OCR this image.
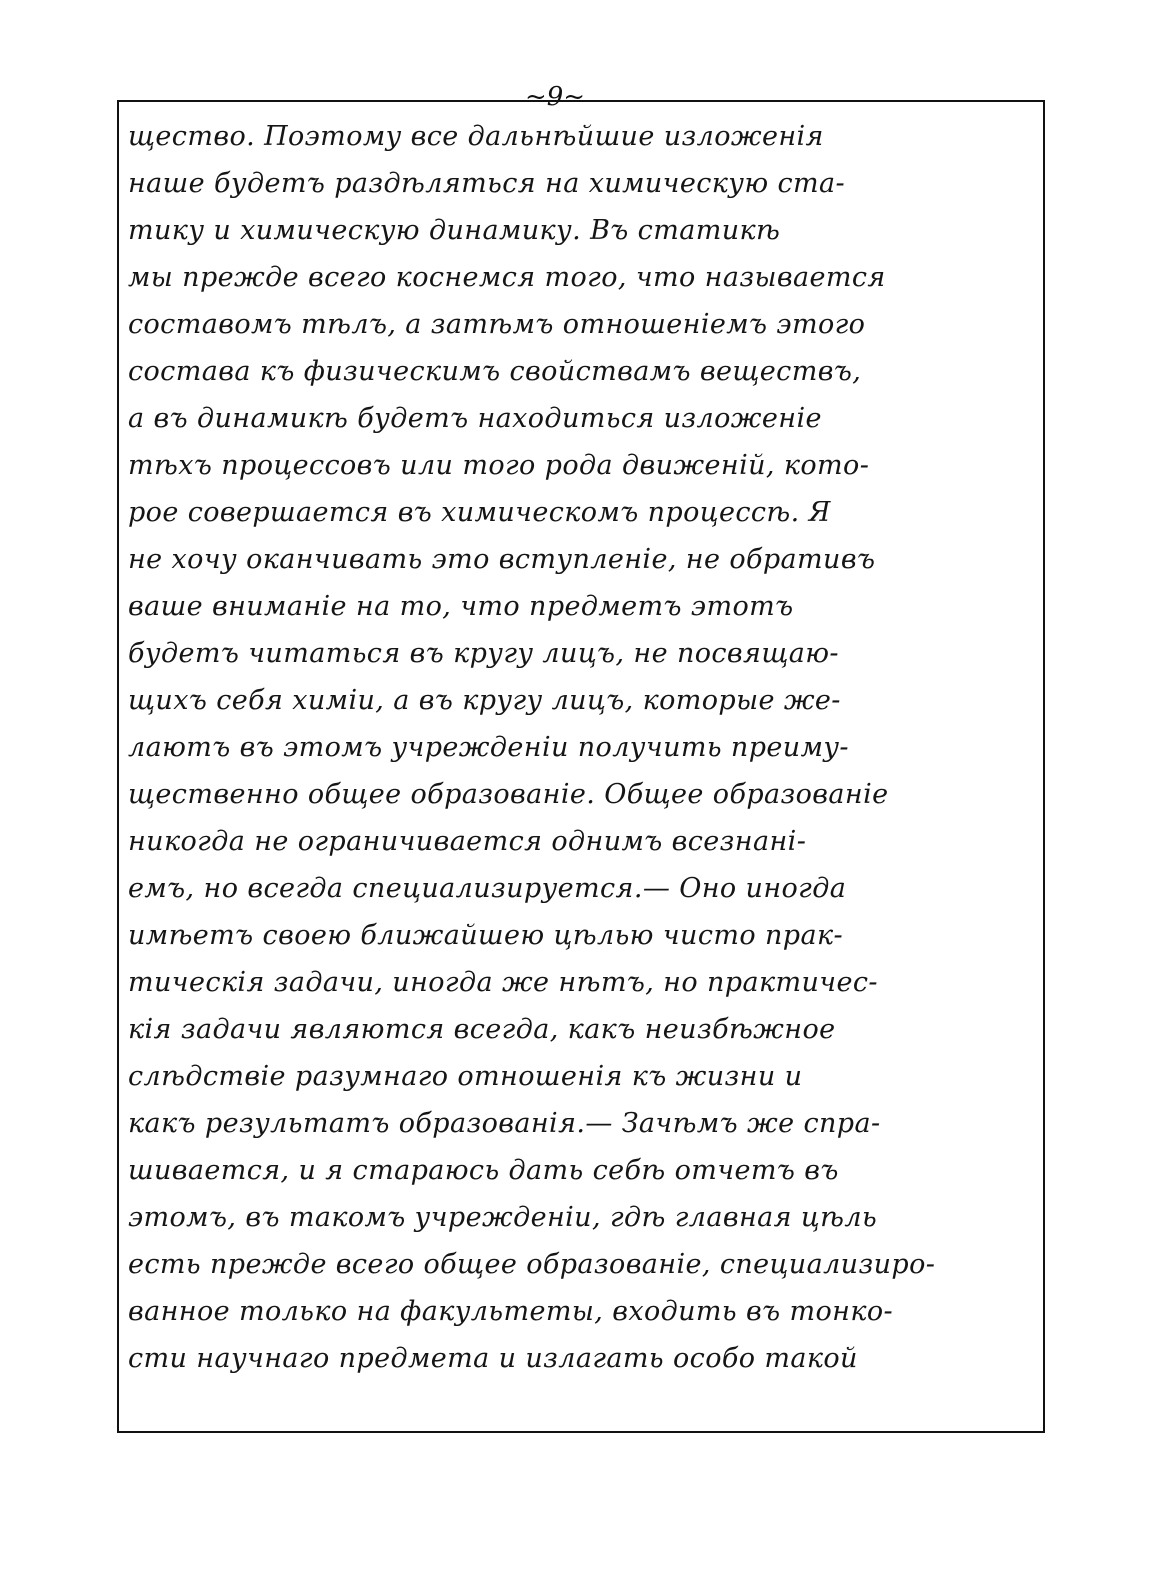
~9~
щество. Поэтому все дальнѣйшие изложенія
наше будетъ раздѣляться на химическую ста-
тику и химическую динамику. Въ статикѣ
мы прежде всего коснемся того, что называется
составомъ тѣлъ, а затѣмъ отношеніемъ этого
состава къ физическимъ свойствамъ веществъ,
а въ динамикѣ будетъ находиться изложеніе
тѣхъ процессовъ или того рода движеній, кото-
рое совершается въ химическомъ процессѣ. Я
не хочу оканчивать это вступленіе, не обративъ
ваше вниманіе на то, что предметъ этотъ
будетъ читаться въ кругу лицъ, не посвящаю-
щихъ себя химіи, а въ кругу лицъ, которые же-
лаютъ въ этомъ учрежденіи получить преиму-
щественно общее образованіе. Общее образованіе
никогда не ограничивается однимъ всезнані-
емъ, но всегда специализируется.— Оно иногда
имѣетъ своею ближайшею цѣлью чисто прак-
тическія задачи, иногда же нѣтъ, но практичес-
кія задачи являются всегда, какъ неизбѣжное
слѣдствіе разумнаго отношенія къ жизни и
какъ результатъ образованія.— Зачѣмъ же спра-
шивается, и я стараюсь дать себѣ отчетъ въ
этомъ, въ такомъ учрежденіи, гдѣ главная цѣль
есть прежде всего общее образованіе, специализиро-
ванное только на факультеты, входить въ тонко-
сти научнаго предмета и излагать особо такой
